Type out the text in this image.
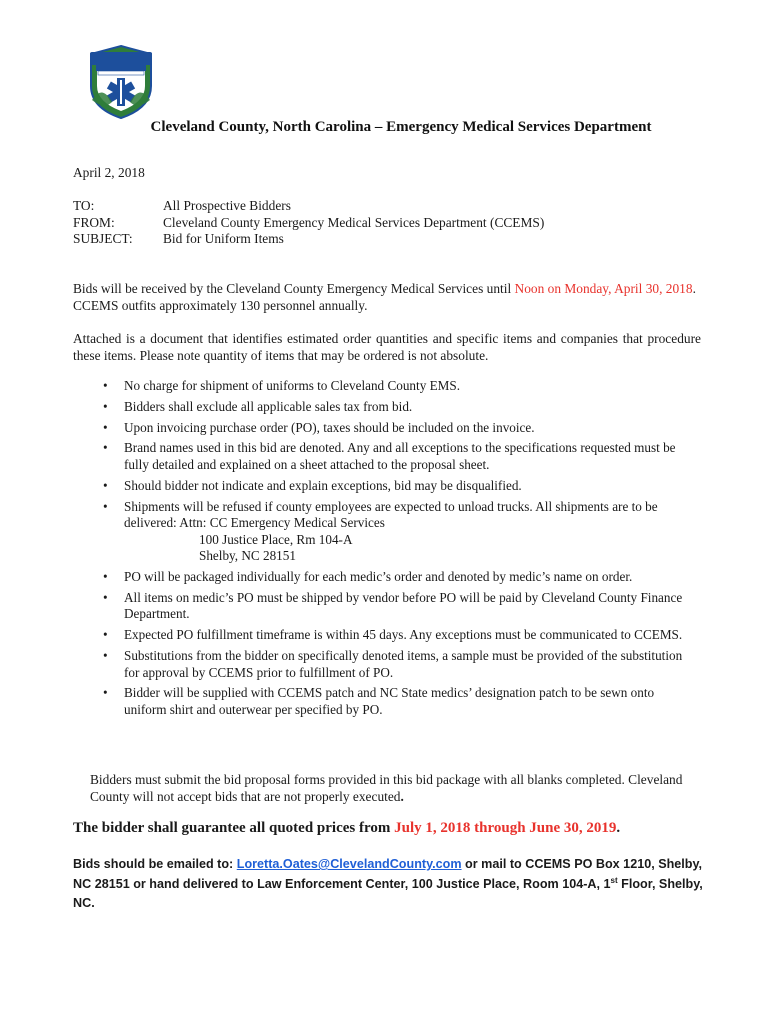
Cleveland County, North Carolina – Emergency Medical Services Department
April 2, 2018
TO:	All Prospective Bidders
FROM:	Cleveland County Emergency Medical Services Department (CCEMS)
SUBJECT:	Bid for Uniform Items
Bids will be received by the Cleveland County Emergency Medical Services until Noon on Monday, April 30, 2018. CCEMS outfits approximately 130 personnel annually.
Attached is a document that identifies estimated order quantities and specific items and companies that procedure these items. Please note quantity of items that may be ordered is not absolute.
• No charge for shipment of uniforms to Cleveland County EMS.
• Bidders shall exclude all applicable sales tax from bid.
• Upon invoicing purchase order (PO), taxes should be included on the invoice.
• Brand names used in this bid are denoted. Any and all exceptions to the specifications requested must be fully detailed and explained on a sheet attached to the proposal sheet.
• Should bidder not indicate and explain exceptions, bid may be disqualified.
• Shipments will be refused if county employees are expected to unload trucks. All shipments are to be delivered: Attn: CC Emergency Medical Services
100 Justice Place, Rm 104-A
Shelby, NC 28151
• PO will be packaged individually for each medic’s order and denoted by medic’s name on order.
• All items on medic’s PO must be shipped by vendor before PO will be paid by Cleveland County Finance Department.
• Expected PO fulfillment timeframe is within 45 days. Any exceptions must be communicated to CCEMS.
• Substitutions from the bidder on specifically denoted items, a sample must be provided of the substitution for approval by CCEMS prior to fulfillment of PO.
• Bidder will be supplied with CCEMS patch and NC State medics’ designation patch to be sewn onto uniform shirt and outerwear per specified by PO.
Bidders must submit the bid proposal forms provided in this bid package with all blanks completed. Cleveland County will not accept bids that are not properly executed.
The bidder shall guarantee all quoted prices from July 1, 2018 through June 30, 2019.
Bids should be emailed to: Loretta.Oates@ClevelandCounty.com or mail to CCEMS PO Box 1210, Shelby, NC 28151 or hand delivered to Law Enforcement Center, 100 Justice Place, Room 104-A, 1st Floor, Shelby, NC.
